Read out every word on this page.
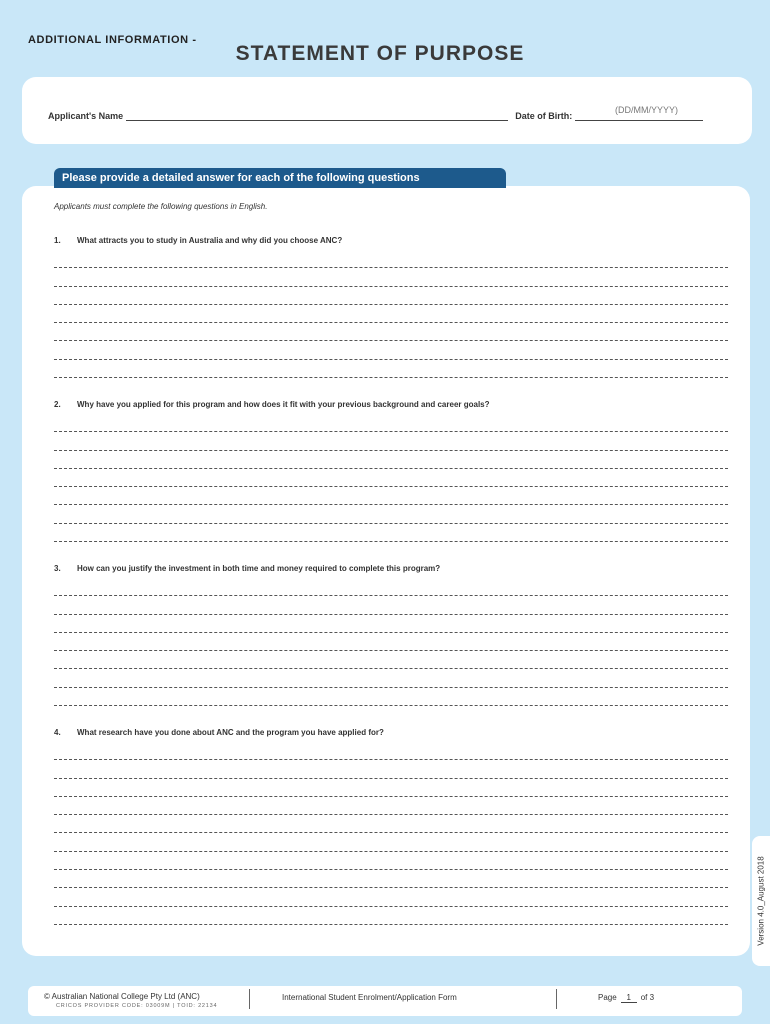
ADDITIONAL INFORMATION -
STATEMENT OF PURPOSE
(DD/MM/YYYY)
Applicant's Name	Date of Birth:
Applicants must complete the following questions in English.
1. What attracts you to study in Australia and why did you choose ANC?
2. Why have you applied for this program and how does it fit with your previous background and career goals?
3. How can you justify the investment in both time and money required to complete this program?
4. What research have you done about ANC and the program you have applied for?
Please provide a detailed answer for each of the following questions
Version 4.0_August 2018
© Australian National College Pty Ltd (ANC)
CRICOS PROVIDER CODE: 03009M | TOID: 22134
International Student Enrolment/Application Form	Page 1 of 3
